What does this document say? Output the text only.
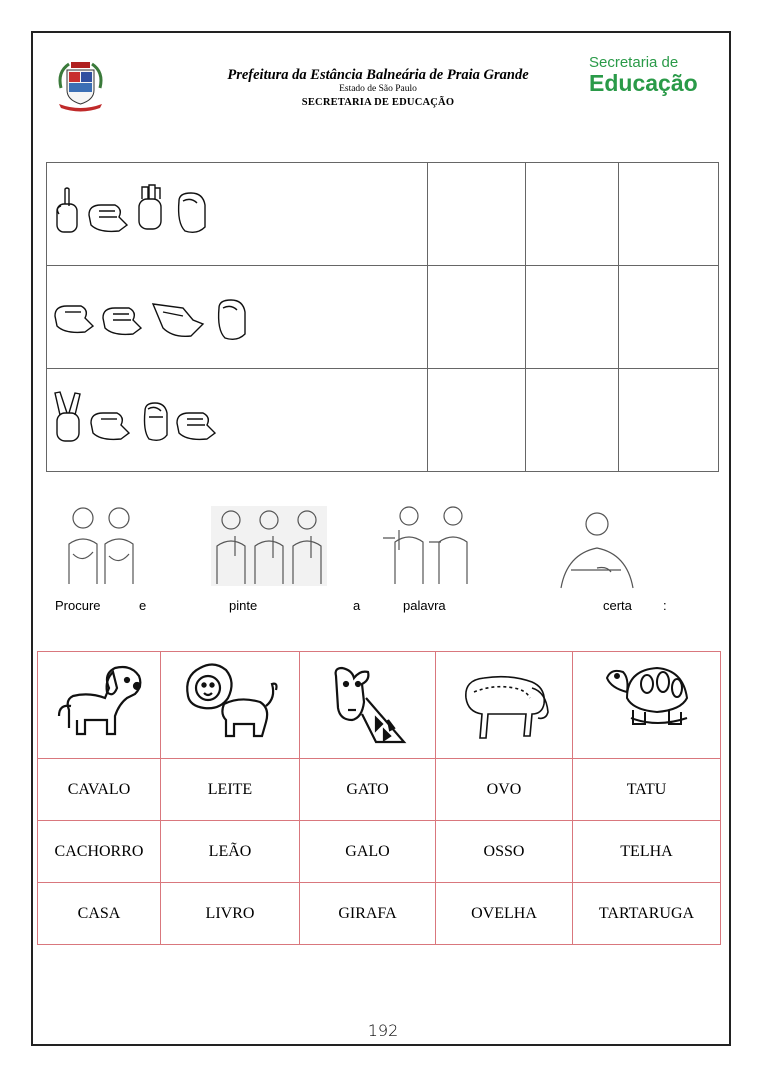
Prefeitura da Estância Balneária de Praia Grande
Estado de São Paulo
SECRETARIA DE EDUCAÇÃO
Secretaria de
Educação

Procure	e	pinte	a	palavra	certa :

CAVALO	LEITE	GATO	OVO	TATU
CACHORRO	LEÃO	GALO	OSSO	TELHA
CASA	LIVRO	GIRAFA	OVELHA	TARTARUGA
192
